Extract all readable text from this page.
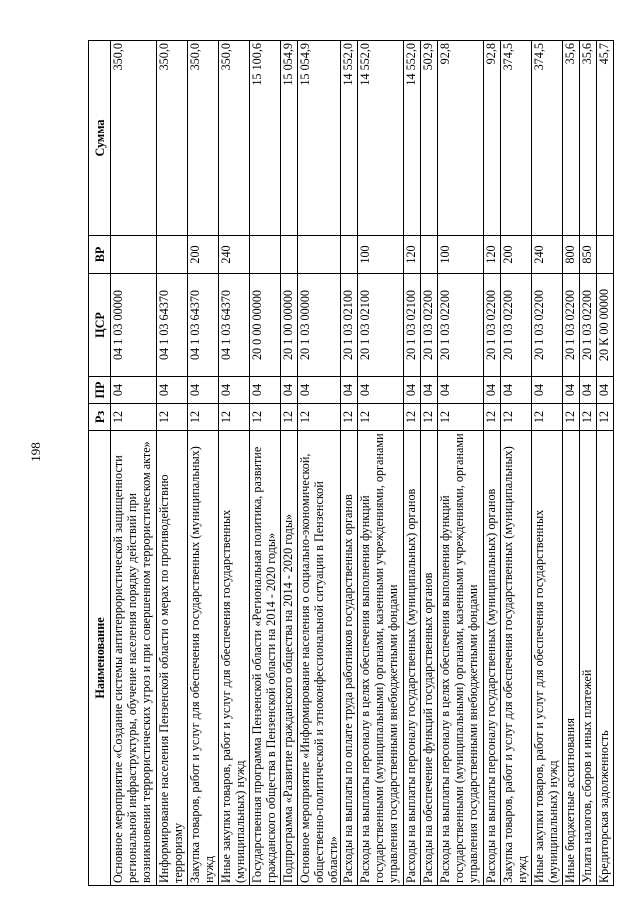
198
Наименование	Рз	ПР	ЦСР	ВР	Сумма
Основное мероприятие «Создание системы антитеррористической защищенности региональной инфраструктуры, обучение населения порядку действий при возникновении террористических угроз и при совершенном террористическом акте»	12	04	04 1 03 00000		350,0
Информирование населения Пензенской области о мерах по противодействию терроризму	12	04	04 1 03 64370		350,0
Закупка товаров, работ и услуг для обеспечения государственных (муниципальных) нужд	12	04	04 1 03 64370	200	350,0
Иные закупки товаров, работ и услуг для обеспечения государственных (муниципальных) нужд	12	04	04 1 03 64370	240	350,0
Государственная программа Пензенской области «Региональная политика, развитие гражданского общества в Пензенской области на 2014 - 2020 годы»	12	04	20 0 00 00000		15 100,6
Подпрограмма «Развитие гражданского общества на 2014 - 2020 годы»	12	04	20 1 00 00000		15 054,9
Основное мероприятие «Информирование населения о социально-экономической, общественно-политической и этноконфессиональной ситуации в Пензенской области»	12	04	20 1 03 00000		15 054,9
Расходы на выплаты по оплате труда работников государственных органов	12	04	20 1 03 02100		14 552,0
Расходы на выплаты персоналу в целях обеспечения выполнения функций государственными (муниципальными) органами, казенными учреждениями, органами управления государственными внебюджетными фондами	12	04	20 1 03 02100	100	14 552,0
Расходы на выплаты персоналу государственных (муниципальных) органов	12	04	20 1 03 02100	120	14 552,0
Расходы на обеспечение функций государственных органов	12	04	20 1 03 02200		502,9
Расходы на выплаты персоналу в целях обеспечения выполнения функций государственными (муниципальными) органами, казенными учреждениями, органами управления государственными внебюджетными фондами	12	04	20 1 03 02200	100	92,8
Расходы на выплаты персоналу государственных (муниципальных) органов	12	04	20 1 03 02200	120	92,8
Закупка товаров, работ и услуг для обеспечения государственных (муниципальных) нужд	12	04	20 1 03 02200	200	374,5
Иные закупки товаров, работ и услуг для обеспечения государственных (муниципальных) нужд	12	04	20 1 03 02200	240	374,5
Иные бюджетные ассигнования	12	04	20 1 03 02200	800	35,6
Уплата налогов, сборов и иных платежей	12	04	20 1 03 02200	850	35,6
Кредиторская задолженность	12	04	20 К 00 00000		45,7
